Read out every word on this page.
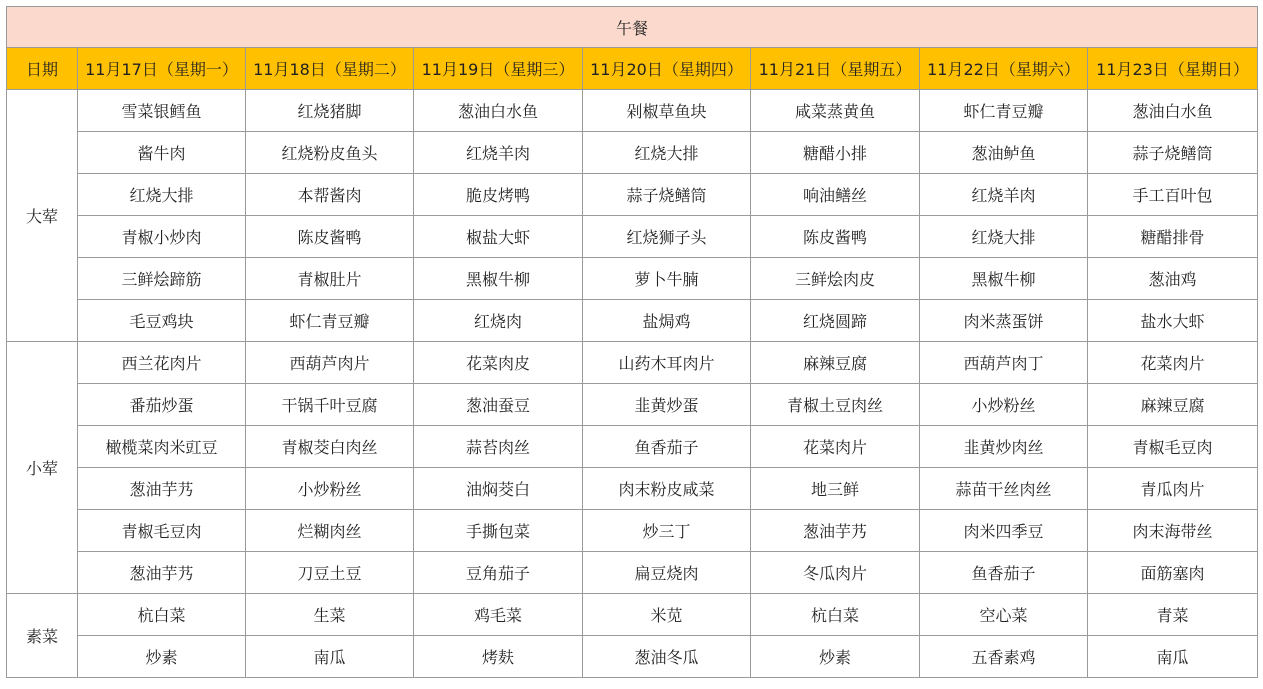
午餐							
日期	11月17日（星期一）	11月18日（星期二）	11月19日（星期三）	11月20日（星期四）	11月21日（星期五）	11月22日（星期六）	11月23日（星期日）
大荤	雪菜银鳕鱼	红烧猪脚	葱油白水鱼	剁椒草鱼块	咸菜蒸黄鱼	虾仁青豆瓣	葱油白水鱼
	酱牛肉	红烧粉皮鱼头	红烧羊肉	红烧大排	糖醋小排	葱油鲈鱼	蒜子烧鳝筒
	红烧大排	本帮酱肉	脆皮烤鸭	蒜子烧鳝筒	响油鳝丝	红烧羊肉	手工百叶包
	青椒小炒肉	陈皮酱鸭	椒盐大虾	红烧狮子头	陈皮酱鸭	红烧大排	糖醋排骨
	三鲜烩蹄筋	青椒肚片	黑椒牛柳	萝卜牛腩	三鲜烩肉皮	黑椒牛柳	葱油鸡
	毛豆鸡块	虾仁青豆瓣	红烧肉	盐焗鸡	红烧圆蹄	肉米蒸蛋饼	盐水大虾
小荤	西兰花肉片	西葫芦肉片	花菜肉皮	山药木耳肉片	麻辣豆腐	西葫芦肉丁	花菜肉片
	番茄炒蛋	干锅千叶豆腐	葱油蚕豆	韭黄炒蛋	青椒土豆肉丝	小炒粉丝	麻辣豆腐
	橄榄菜肉米豇豆	青椒茭白肉丝	蒜苔肉丝	鱼香茄子	花菜肉片	韭黄炒肉丝	青椒毛豆肉
	葱油芋艿	小炒粉丝	油焖茭白	肉末粉皮咸菜	地三鲜	蒜苗干丝肉丝	青瓜肉片
	青椒毛豆肉	烂糊肉丝	手撕包菜	炒三丁	葱油芋艿	肉米四季豆	肉末海带丝
	葱油芋艿	刀豆土豆	豆角茄子	扁豆烧肉	冬瓜肉片	鱼香茄子	面筋塞肉
素菜	杭白菜	生菜	鸡毛菜	米苋	杭白菜	空心菜	青菜
	炒素	南瓜	烤麸	葱油冬瓜	炒素	五香素鸡	南瓜
